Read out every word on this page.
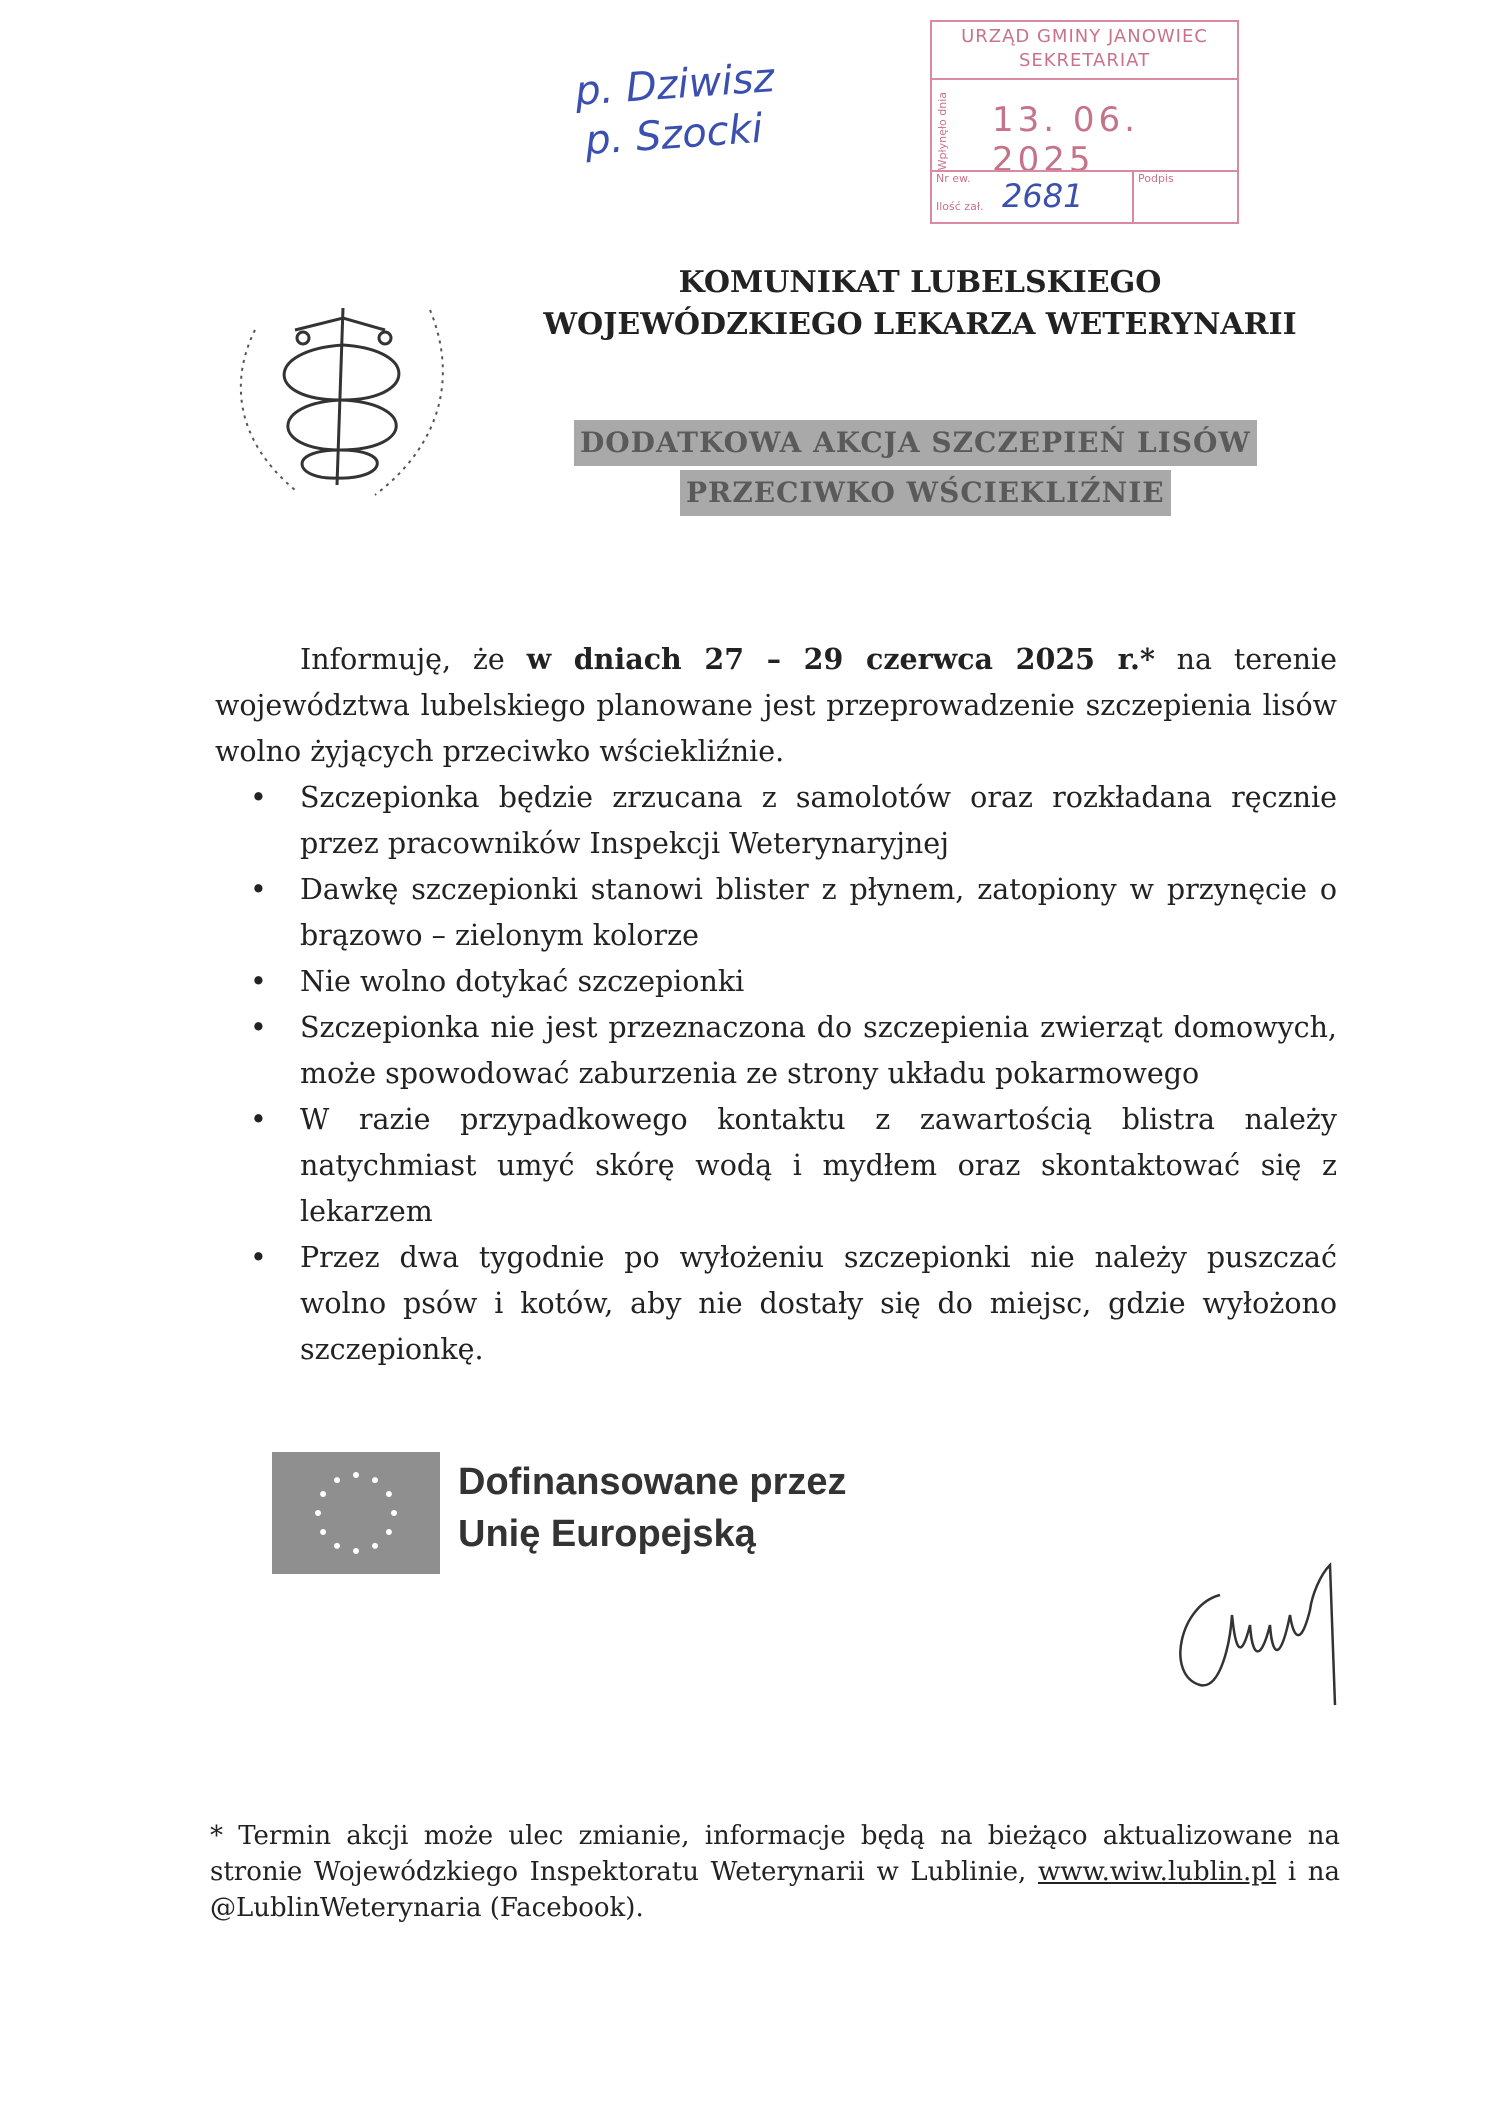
p. Dziwisz
p. Szocki
URZĄD GMINY JANOWIEC
SEKRETARIAT
Wpłynęło dnia 13. 06. 2025
Nr ew.
Ilość zał.
Podpis
2681
KOMUNIKAT LUBELSKIEGO
WOJEWÓDZKIEGO LEKARZA WETERYNARII
DODATKOWA AKCJA SZCZEPIEŃ LISÓW
PRZECIWKO WŚCIEKLIŹNIE

Informuję, że w dniach 27 – 29 czerwca 2025 r.* na terenie województwa lubelskiego planowane jest przeprowadzenie szczepienia lisów wolno żyjących przeciwko wściekliźnie.

• Szczepionka będzie zrzucana z samolotów oraz rozkładana ręcznie przez pracowników Inspekcji Weterynaryjnej
• Dawkę szczepionki stanowi blister z płynem, zatopiony w przynęcie o brązowo – zielonym kolorze
• Nie wolno dotykać szczepionki
• Szczepionka nie jest przeznaczona do szczepienia zwierząt domowych, może spowodować zaburzenia ze strony układu pokarmowego
• W razie przypadkowego kontaktu z zawartością blistra należy natychmiast umyć skórę wodą i mydłem oraz skontaktować się z lekarzem
• Przez dwa tygodnie po wyłożeniu szczepionki nie należy puszczać wolno psów i kotów, aby nie dostały się do miejsc, gdzie wyłożono szczepionkę.
Dofinansowane przez
Unię Europejską
* Termin akcji może ulec zmianie, informacje będą na bieżąco aktualizowane na stronie Wojewódzkiego Inspektoratu Weterynarii w Lublinie, www.wiw.lublin.pl i na @LublinWeterynaria (Facebook).
